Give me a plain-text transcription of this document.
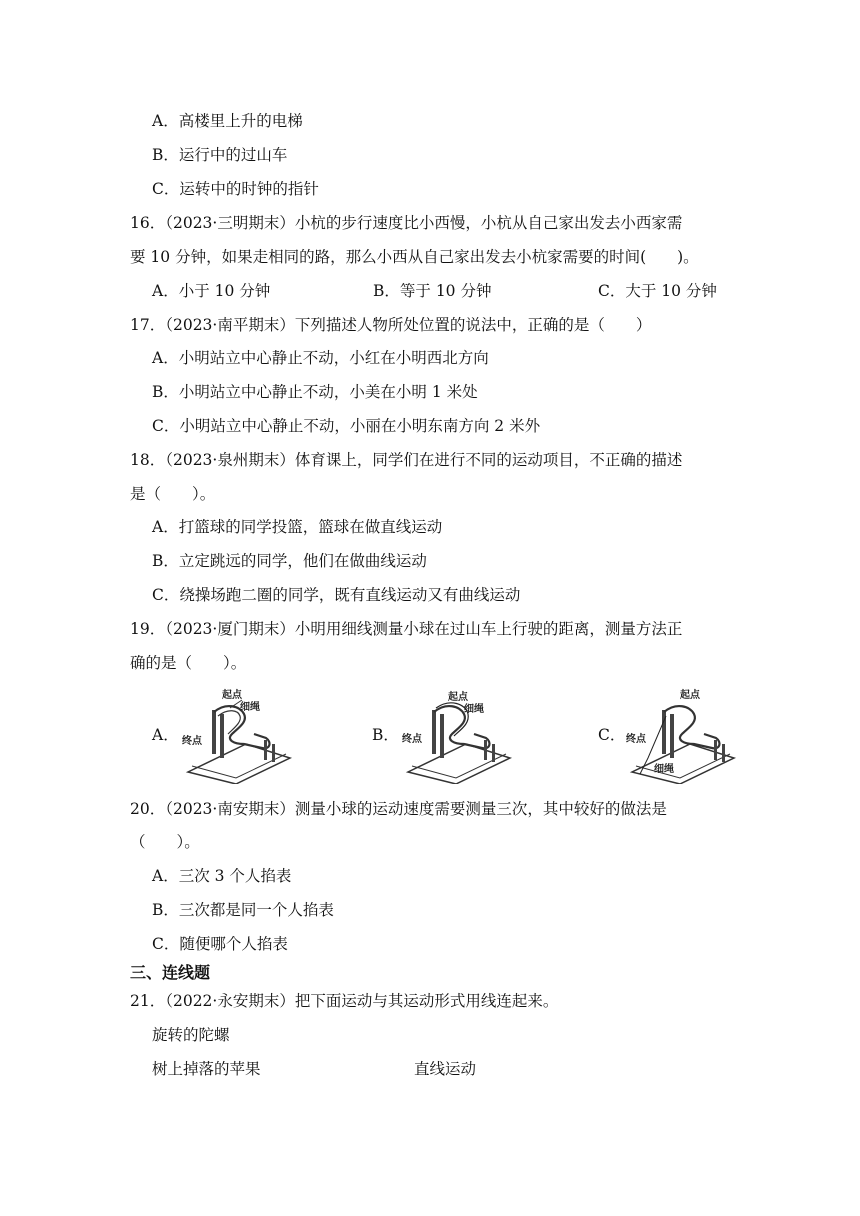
A．高楼里上升的电梯
B．运行中的过山车
C．运转中的时钟的指针
16．（2023·三明期末）小杭的步行速度比小西慢，小杭从自己家出发去小西家需
要 10 分钟，如果走相同的路，那么小西从自己家出发去小杭家需要的时间(　　)。
A．小于 10 分钟	B．等于 10 分钟	C．大于 10 分钟
17．（2023·南平期末）下列描述人物所处位置的说法中，正确的是（　　）
A．小明站立中心静止不动，小红在小明西北方向
B．小明站立中心静止不动，小美在小明 1 米处
C．小明站立中心静止不动，小丽在小明东南方向 2 米外
18．（2023·泉州期末）体育课上，同学们在进行不同的运动项目，不正确的描述
是（　　）。
A．打篮球的同学投篮，篮球在做直线运动
B．立定跳远的同学，他们在做曲线运动
C．绕操场跑二圈的同学，既有直线运动又有曲线运动
19．（2023·厦门期末）小明用细线测量小球在过山车上行驶的距离，测量方法正
确的是（　　）。
A．
起点
细绳
终点	B．
起点
细绳
终点	C．
起点
终点
细绳
20．（2023·南安期末）测量小球的运动速度需要测量三次，其中较好的做法是
（　　）。
A．三次 3 个人掐表
B．三次都是同一个人掐表
C．随便哪个人掐表
三、连线题
21．（2022·永安期末）把下面运动与其运动形式用线连起来。
旋转的陀螺
树上掉落的苹果	直线运动
